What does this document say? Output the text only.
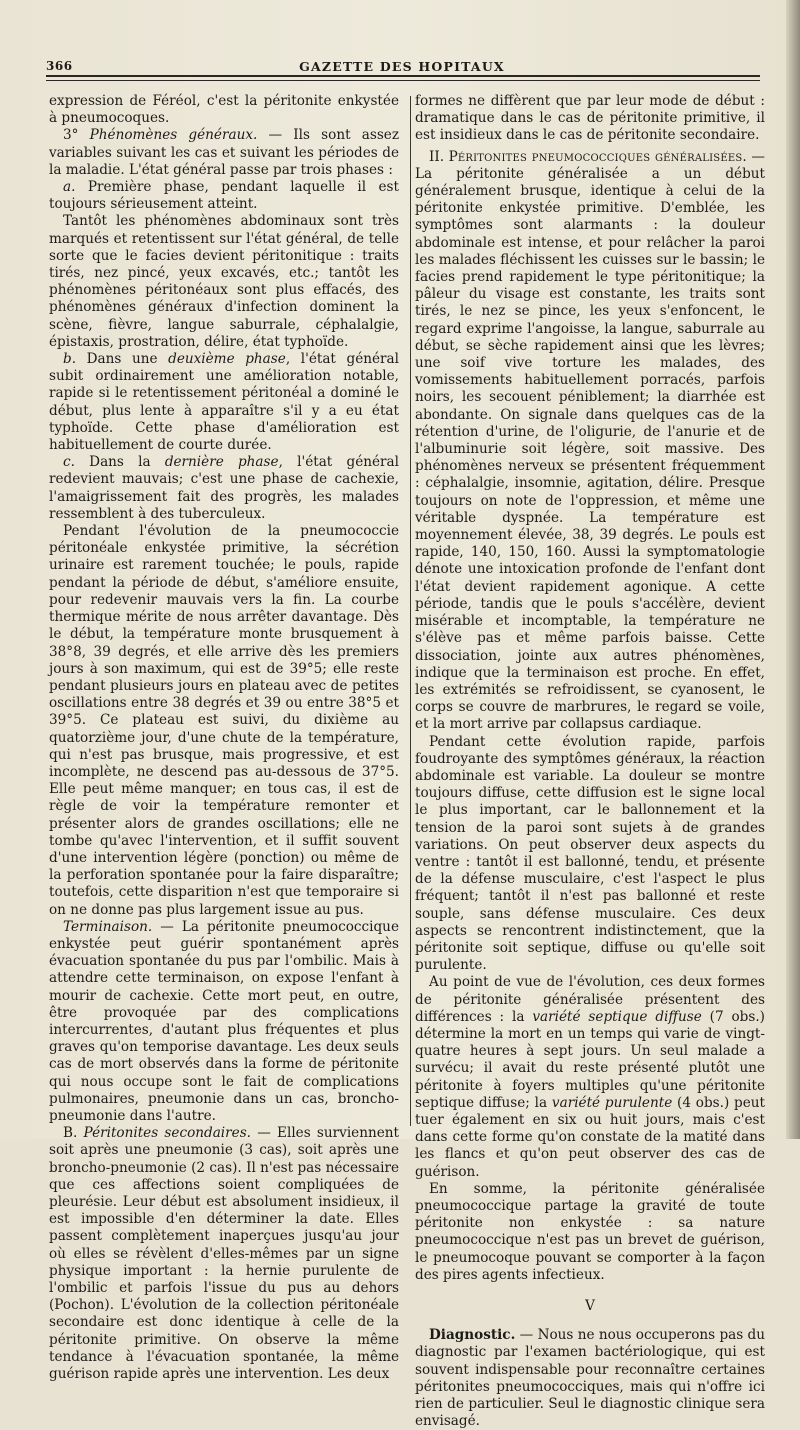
GAZETTE DES HOPITAUX
366

expression de Féréol, c'est la péritonite enkystée à pneumocoques.

3° Phénomènes généraux. — Ils sont assez variables suivant les cas et suivant les périodes de la maladie. L'état général passe par trois phases :

a. Première phase, pendant laquelle il est toujours sérieusement atteint.

Tantôt les phénomènes abdominaux sont très marqués et retentissent sur l'état général, de telle sorte que le facies devient péritonitique : traits tirés, nez pincé, yeux excavés, etc.; tantôt les phénomènes péritonéaux sont plus effacés, des phénomènes généraux d'infection dominent la scène, fièvre, langue saburrale, céphalalgie, épistaxis, prostration, délire, état typhoïde.

b. Dans une deuxième phase, l'état général subit ordinairement une amélioration notable, rapide si le retentissement péritonéal a dominé le début, plus lente à apparaître s'il y a eu état typhoïde. Cette phase d'amélioration est habituellement de courte durée.

c. Dans la dernière phase, l'état général redevient mauvais; c'est une phase de cachexie, l'amaigrissement fait des progrès, les malades ressemblent à des tuberculeux.

Pendant l'évolution de la pneumococcie péritonéale enkystée primitive, la sécrétion urinaire est rarement touchée; le pouls, rapide pendant la période de début, s'améliore ensuite, pour redevenir mauvais vers la fin. La courbe thermique mérite de nous arrêter davantage. Dès le début, la température monte brusquement à 38°8, 39 degrés, et elle arrive dès les premiers jours à son maximum, qui est de 39°5; elle reste pendant plusieurs jours en plateau avec de petites oscillations entre 38 degrés et 39 ou entre 38°5 et 39°5. Ce plateau est suivi, du dixième au quatorzième jour, d'une chute de la température, qui n'est pas brusque, mais progressive, et est incomplète, ne descend pas au-dessous de 37°5. Elle peut même manquer; en tous cas, il est de règle de voir la température remonter et présenter alors de grandes oscillations; elle ne tombe qu'avec l'intervention, et il suffit souvent d'une intervention légère (ponction) ou même de la perforation spontanée pour la faire disparaître; toutefois, cette disparition n'est que temporaire si on ne donne pas plus largement issue au pus.

Terminaison. — La péritonite pneumococcique enkystée peut guérir spontanément après évacuation spontanée du pus par l'ombilic. Mais à attendre cette terminaison, on expose l'enfant à mourir de cachexie. Cette mort peut, en outre, être provoquée par des complications intercurrentes, d'autant plus fréquentes et plus graves qu'on temporise davantage. Les deux seuls cas de mort observés dans la forme de péritonite qui nous occupe sont le fait de complications pulmonaires, pneumonie dans un cas, broncho-pneumonie dans l'autre.

B. Péritonites secondaires. — Elles surviennent soit après une pneumonie (3 cas), soit après une broncho-pneumonie (2 cas). Il n'est pas nécessaire que ces affections soient compliquées de pleurésie. Leur début est absolument insidieux, il est impossible d'en déterminer la date. Elles passent complètement inaperçues jusqu'au jour où elles se révèlent d'elles-mêmes par un signe physique important : la hernie purulente de l'ombilic et parfois l'issue du pus au dehors (Pochon). L'évolution de la collection péritonéale secondaire est donc identique à celle de la péritonite primitive. On observe la même tendance à l'évacuation spontanée, la même guérison rapide après une intervention. Les deux

formes ne diffèrent que par leur mode de début : dramatique dans le cas de péritonite primitive, il est insidieux dans le cas de péritonite secondaire.

II. Péritonites pneumococciques généralisées. — La péritonite généralisée a un début généralement brusque, identique à celui de la péritonite enkystée primitive. D'emblée, les symptômes sont alarmants : la douleur abdominale est intense, et pour relâcher la paroi les malades fléchissent les cuisses sur le bassin; le facies prend rapidement le type péritonitique; la pâleur du visage est constante, les traits sont tirés, le nez se pince, les yeux s'enfoncent, le regard exprime l'angoisse, la langue, saburrale au début, se sèche rapidement ainsi que les lèvres; une soif vive torture les malades, des vomissements habituellement porracés, parfois noirs, les secouent péniblement; la diarrhée est abondante. On signale dans quelques cas de la rétention d'urine, de l'oligurie, de l'anurie et de l'albuminurie soit légère, soit massive. Des phénomènes nerveux se présentent fréquemment : céphalalgie, insomnie, agitation, délire. Presque toujours on note de l'oppression, et même une véritable dyspnée. La température est moyennement élevée, 38, 39 degrés. Le pouls est rapide, 140, 150, 160. Aussi la symptomatologie dénote une intoxication profonde de l'enfant dont l'état devient rapidement agonique. A cette période, tandis que le pouls s'accélère, devient misérable et incomptable, la température ne s'élève pas et même parfois baisse. Cette dissociation, jointe aux autres phénomènes, indique que la terminaison est proche. En effet, les extrémités se refroidissent, se cyanosent, le corps se couvre de marbrures, le regard se voile, et la mort arrive par collapsus cardiaque.

Pendant cette évolution rapide, parfois foudroyante des symptômes généraux, la réaction abdominale est variable. La douleur se montre toujours diffuse, cette diffusion est le signe local le plus important, car le ballonnement et la tension de la paroi sont sujets à de grandes variations. On peut observer deux aspects du ventre : tantôt il est ballonné, tendu, et présente de la défense musculaire, c'est l'aspect le plus fréquent; tantôt il n'est pas ballonné et reste souple, sans défense musculaire. Ces deux aspects se rencontrent indistinctement, que la péritonite soit septique, diffuse ou qu'elle soit purulente.

Au point de vue de l'évolution, ces deux formes de péritonite généralisée présentent des différences : la variété septique diffuse (7 obs.) détermine la mort en un temps qui varie de vingt-quatre heures à sept jours. Un seul malade a survécu; il avait du reste présenté plutôt une péritonite à foyers multiples qu'une péritonite septique diffuse; la variété purulente (4 obs.) peut tuer également en six ou huit jours, mais c'est dans cette forme qu'on constate de la matité dans les flancs et qu'on peut observer des cas de guérison.

En somme, la péritonite généralisée pneumococcique partage la gravité de toute péritonite non enkystée : sa nature pneumococcique n'est pas un brevet de guérison, le pneumocoque pouvant se comporter à la façon des pires agents infectieux.

V

Diagnostic. — Nous ne nous occuperons pas du diagnostic par l'examen bactériologique, qui est souvent indispensable pour reconnaître certaines péritonites pneumococciques, mais qui n'offre ici rien de particulier. Seul le diagnostic clinique sera envisagé.
